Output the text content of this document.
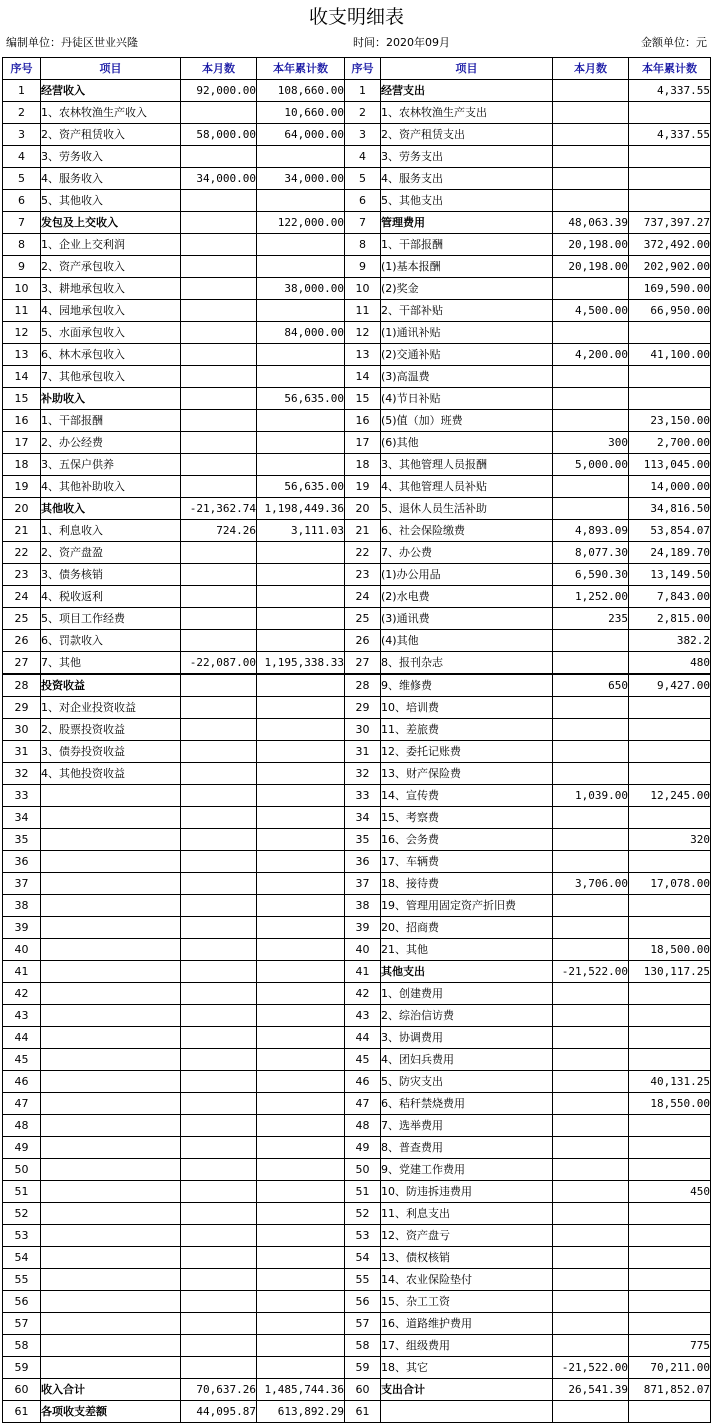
收支明细表
编制单位：丹徒区世业兴隆	时间：2020年09月	金额单位：元
序号	项目	本月数	本年累计数	序号	项目	本月数	本年累计数
1	经营收入	92,000.00	108,660.00	1	经营支出		4,337.55
2	1、农林牧渔生产收入		10,660.00	2	1、农林牧渔生产支出		
3	2、资产租赁收入	58,000.00	64,000.00	3	2、资产租赁支出		4,337.55
4	3、劳务收入			4	3、劳务支出		
5	4、服务收入	34,000.00	34,000.00	5	4、服务支出		
6	5、其他收入			6	5、其他支出		
7	发包及上交收入		122,000.00	7	管理费用	48,063.39	737,397.27
8	1、企业上交利润			8	1、干部报酬	20,198.00	372,492.00
9	2、资产承包收入			9	(1)基本报酬	20,198.00	202,902.00
10	3、耕地承包收入		38,000.00	10	(2)奖金		169,590.00
11	4、园地承包收入			11	2、干部补贴	4,500.00	66,950.00
12	5、水面承包收入		84,000.00	12	(1)通讯补贴		
13	6、林木承包收入			13	(2)交通补贴	4,200.00	41,100.00
14	7、其他承包收入			14	(3)高温费		
15	补助收入		56,635.00	15	(4)节日补贴		
16	1、干部报酬			16	(5)值（加）班费		23,150.00
17	2、办公经费			17	(6)其他	300	2,700.00
18	3、五保户供养			18	3、其他管理人员报酬	5,000.00	113,045.00
19	4、其他补助收入		56,635.00	19	4、其他管理人员补贴		14,000.00
20	其他收入	-21,362.74	1,198,449.36	20	5、退休人员生活补助		34,816.50
21	1、利息收入	724.26	3,111.03	21	6、社会保险缴费	4,893.09	53,854.07
22	2、资产盘盈			22	7、办公费	8,077.30	24,189.70
23	3、债务核销			23	(1)办公用品	6,590.30	13,149.50
24	4、税收返利			24	(2)水电费	1,252.00	7,843.00
25	5、项目工作经费			25	(3)通讯费	235	2,815.00
26	6、罚款收入			26	(4)其他		382.2
27	7、其他	-22,087.00	1,195,338.33	27	8、报刊杂志		480
28	投资收益			28	9、维修费	650	9,427.00
29	1、对企业投资收益			29	10、培训费		
30	2、股票投资收益			30	11、差旅费		
31	3、债券投资收益			31	12、委托记账费		
32	4、其他投资收益			32	13、财产保险费		
33				33	14、宣传费	1,039.00	12,245.00
34				34	15、考察费		
35				35	16、会务费		320
36				36	17、车辆费		
37				37	18、接待费	3,706.00	17,078.00
38				38	19、管理用固定资产折旧费		
39				39	20、招商费		
40				40	21、其他		18,500.00
41				41	其他支出	-21,522.00	130,117.25
42				42	1、创建费用		
43				43	2、综治信访费		
44				44	3、协调费用		
45				45	4、团妇兵费用		
46				46	5、防灾支出		40,131.25
47				47	6、秸秆禁烧费用		18,550.00
48				48	7、选举费用		
49				49	8、普查费用		
50				50	9、党建工作费用		
51				51	10、防违拆违费用		450
52				52	11、利息支出		
53				53	12、资产盘亏		
54				54	13、债权核销		
55				55	14、农业保险垫付		
56				56	15、杂工工资		
57				57	16、道路维护费用		
58				58	17、组级费用		775
59				59	18、其它	-21,522.00	70,211.00
60	收入合计	70,637.26	1,485,744.36	60	支出合计	26,541.39	871,852.07
61	各项收支差额	44,095.87	613,892.29	61			
